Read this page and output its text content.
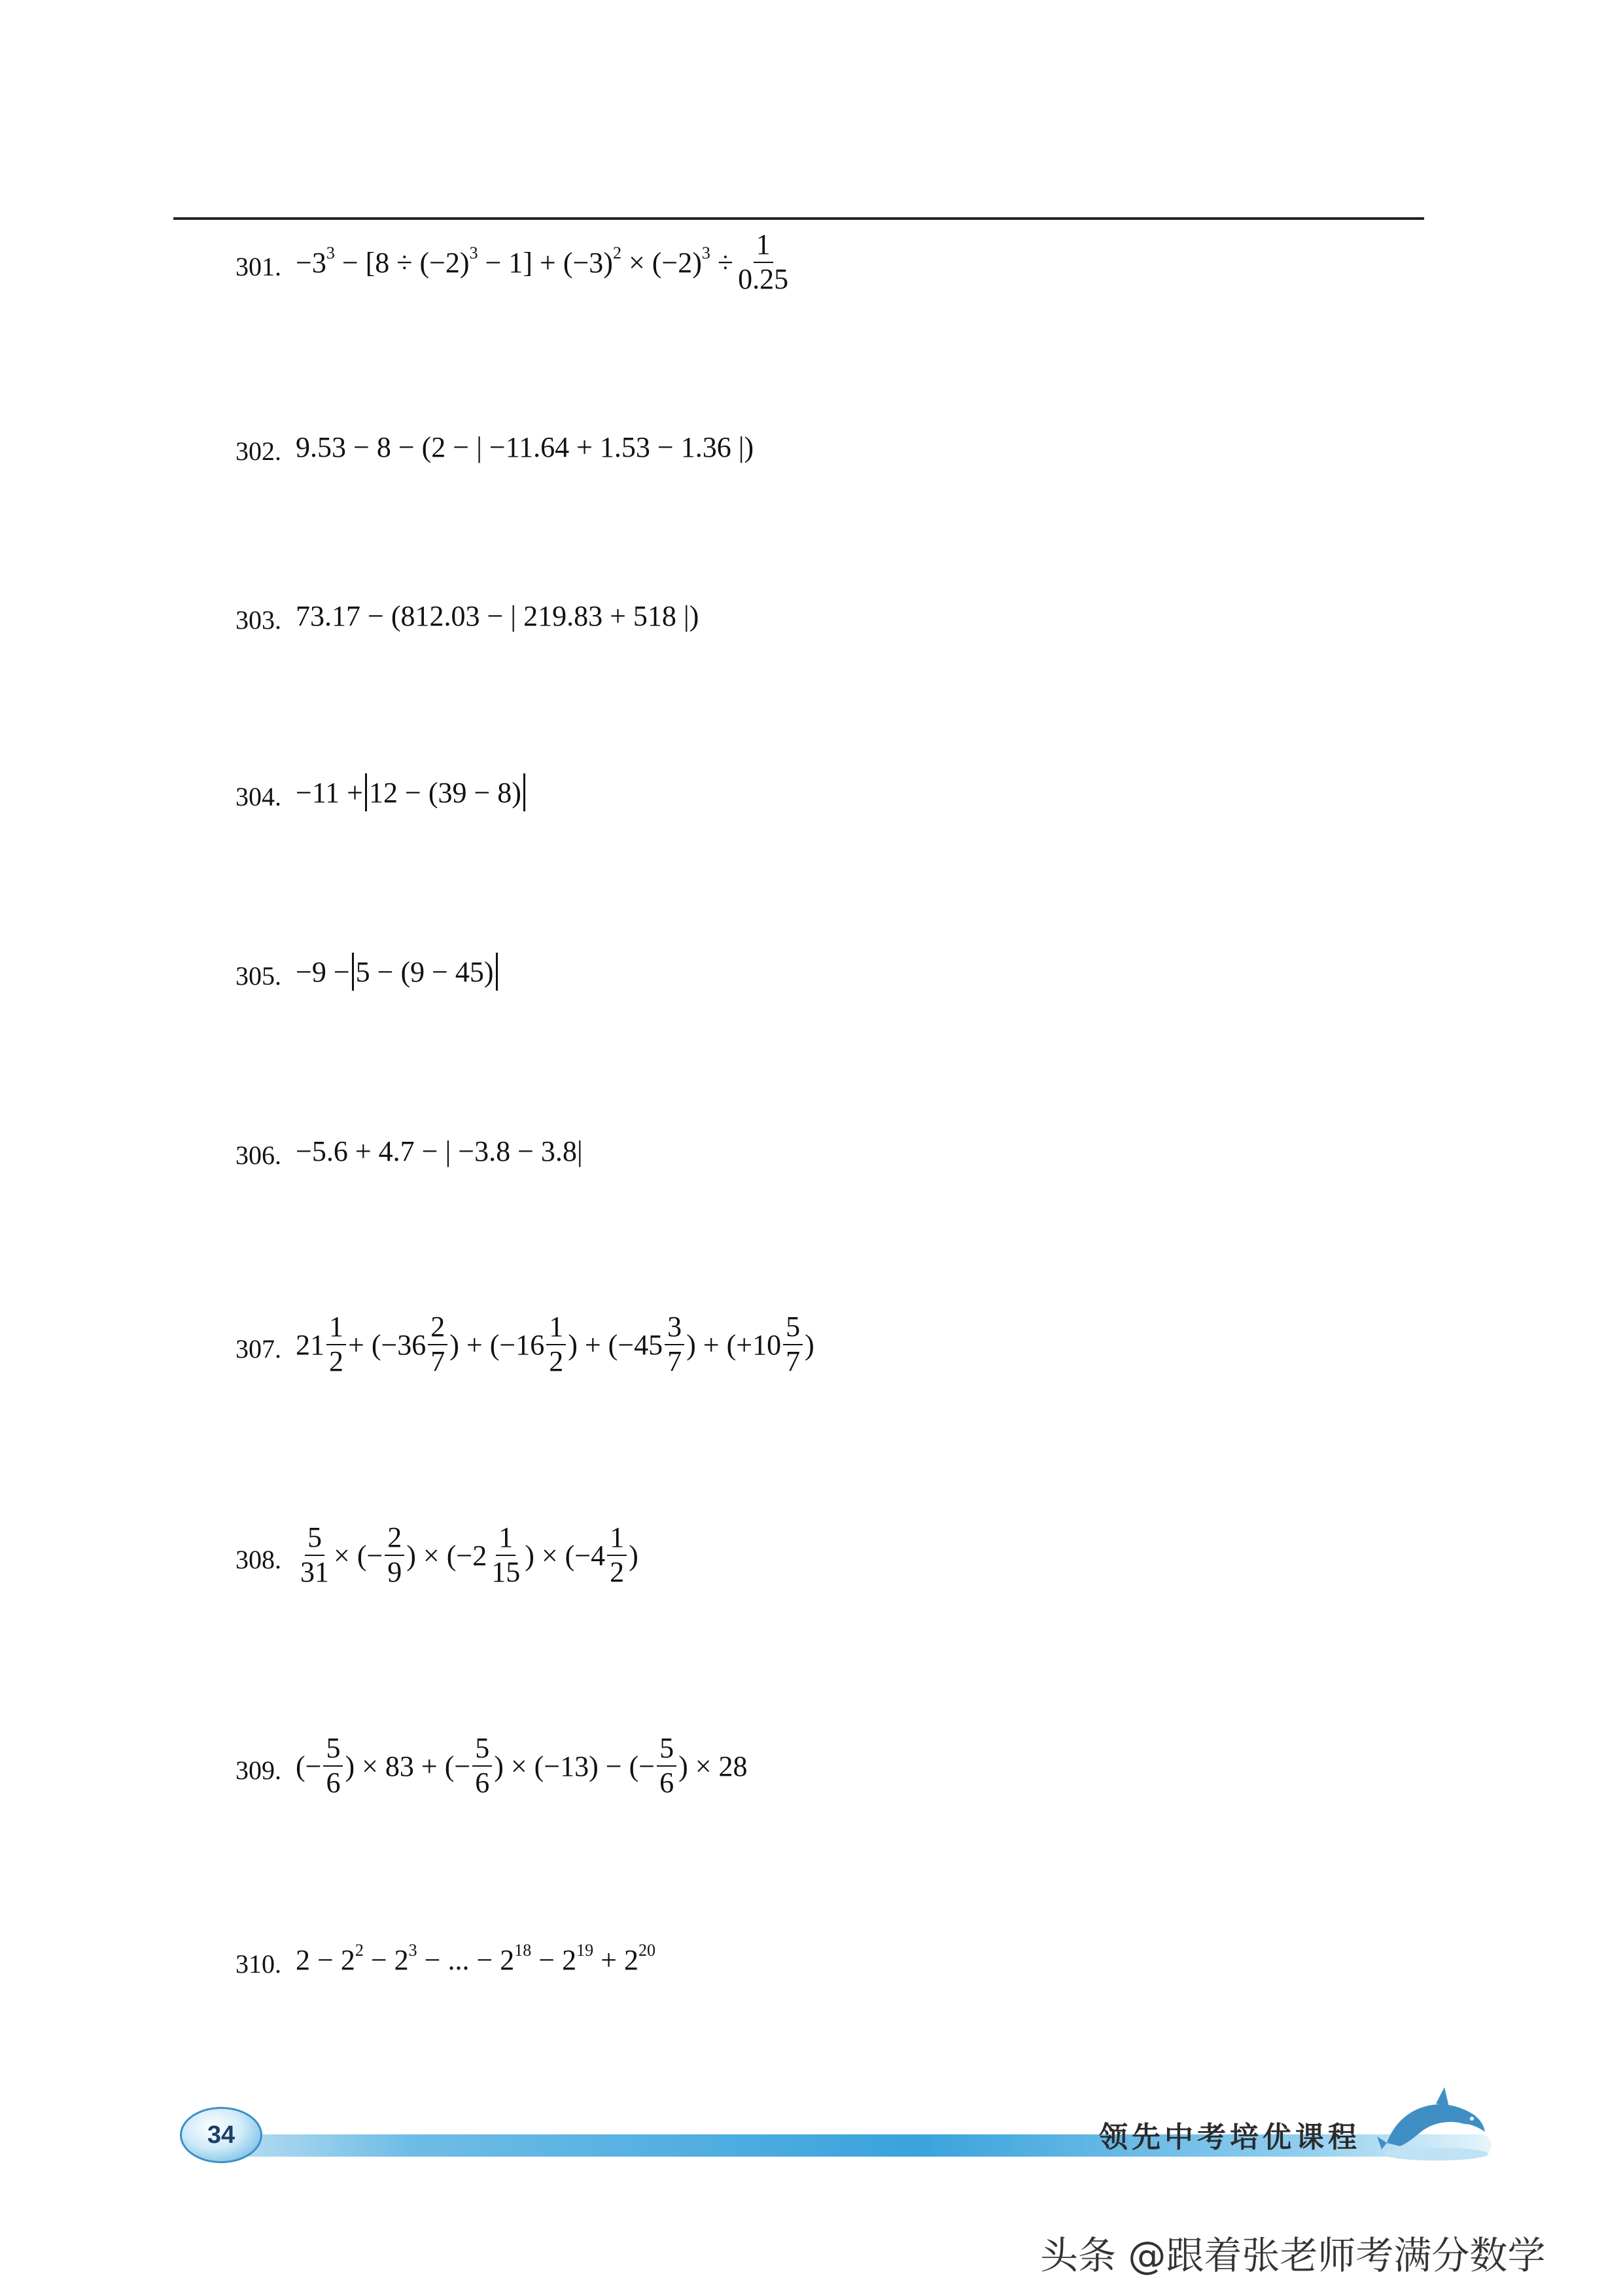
301. $-3^3 - [8 \div (-2)^3 - 1] + (-3)^2 \times (-2)^3 \div \frac{1}{0.25}$
302. 9.53 − 8 − (2 − | −11.64 + 1.53 − 1.36 |)
303. 73.17 − (812.03 − | 219.83 + 518 |)
304. −11 + 12 − (39 − 8)
305. −9 − 5 − (9 − 45)
306. −5.6 + 4.7 − | −3.8 − 3.8|
307. $21 \frac{1}{2} + (-36 \frac{2}{7}$ ) + ($-16 \frac{1}{2}$ ) + ($-45 \frac{3}{7}$ ) + ($+10 \frac{5}{7}$ )
308. $\frac{5}{31}$ × (− $\frac{2}{9}$ ) × ($-2 \frac{1}{15}$ ) × ($-4 \frac{1}{2}$ )
309. (− $\frac{5}{6}$ ) × 83 + (− $\frac{5}{6}$ ) × (−13) − (− $\frac{5}{6}$ ) × 28
310. $2 - 2^2 - 2^3$ − ... − $2^{18} - 2^{19} + 2^{20}$
34	领先中考培优课程
头条 @跟着张老师考满分数学
